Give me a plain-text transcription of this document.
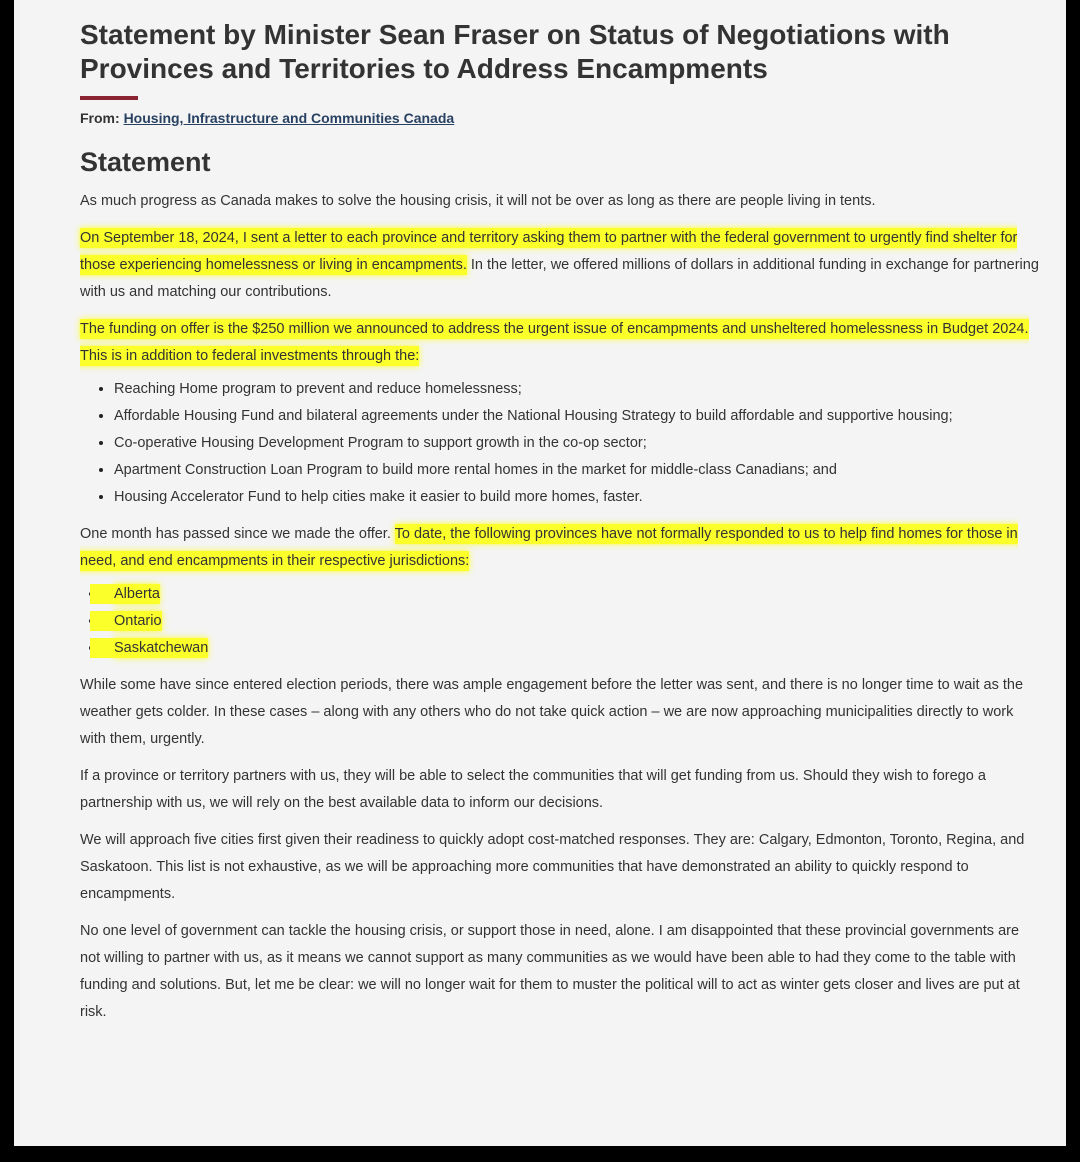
Statement by Minister Sean Fraser on Status of Negotiations with Provinces and Territories to Address Encampments
From: Housing, Infrastructure and Communities Canada
Statement

As much progress as Canada makes to solve the housing crisis, it will not be over as long as there are people living in tents.

On September 18, 2024, I sent a letter to each province and territory asking them to partner with the federal government to urgently find shelter for those experiencing homelessness or living in encampments. In the letter, we offered millions of dollars in additional funding in exchange for partnering with us and matching our contributions.

The funding on offer is the $250 million we announced to address the urgent issue of encampments and unsheltered homelessness in Budget 2024. This is in addition to federal investments through the:

• Reaching Home program to prevent and reduce homelessness;
• Affordable Housing Fund and bilateral agreements under the National Housing Strategy to build affordable and supportive housing;
• Co-operative Housing Development Program to support growth in the co-op sector;
• Apartment Construction Loan Program to build more rental homes in the market for middle-class Canadians; and
• Housing Accelerator Fund to help cities make it easier to build more homes, faster.

One month has passed since we made the offer. To date, the following provinces have not formally responded to us to help find homes for those in need, and end encampments in their respective jurisdictions:

• Alberta
• Ontario
• Saskatchewan

While some have since entered election periods, there was ample engagement before the letter was sent, and there is no longer time to wait as the weather gets colder. In these cases – along with any others who do not take quick action – we are now approaching municipalities directly to work with them, urgently.

If a province or territory partners with us, they will be able to select the communities that will get funding from us. Should they wish to forego a partnership with us, we will rely on the best available data to inform our decisions.

We will approach five cities first given their readiness to quickly adopt cost-matched responses. They are: Calgary, Edmonton, Toronto, Regina, and Saskatoon. This list is not exhaustive, as we will be approaching more communities that have demonstrated an ability to quickly respond to encampments.

No one level of government can tackle the housing crisis, or support those in need, alone. I am disappointed that these provincial governments are not willing to partner with us, as it means we cannot support as many communities as we would have been able to had they come to the table with funding and solutions. But, let me be clear: we will no longer wait for them to muster the political will to act as winter gets closer and lives are put at risk.
